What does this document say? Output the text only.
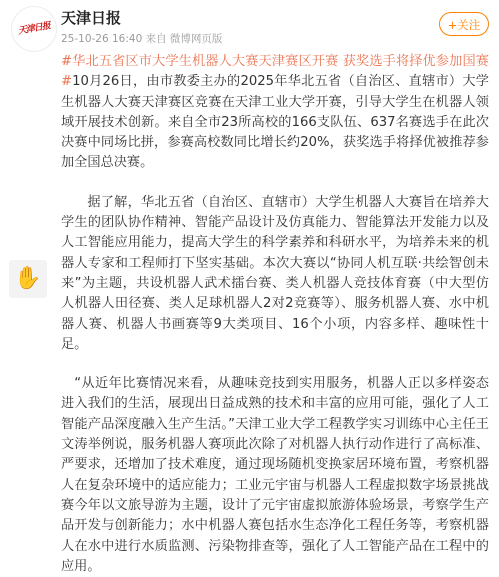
天津日报
天津日报
25-10-26 16:40 来自 微博网页版
+关注
✋

#华北五省区市大学生机器人大赛天津赛区开赛 获奖选手将择优参加国赛#10月26日，由市教委主办的2025年华北五省（自治区、直辖市）大学生机器人大赛天津赛区竞赛在天津工业大学开赛，引导大学生在机器人领域开展技术创新。来自全市23所高校的166支队伍、637名赛选手在此次决赛中同场比拼，参赛高校数同比增长约20%，获奖选手将择优被推荐参加全国总决赛。

据了解，华北五省（自治区、直辖市）大学生机器人大赛旨在培养大学生的团队协作精神、智能产品设计及仿真能力、智能算法开发能力以及人工智能应用能力，提高大学生的科学素养和科研水平，为培养未来的机器人专家和工程师打下坚实基础。本次大赛以“协同人机互联·共绘智创未来”为主题，共设机器人武术擂台赛、类人机器人竞技体育赛（中大型仿人机器人田径赛、类人足球机器人2对2竞赛等）、服务机器人赛、水中机器人赛、机器人书画赛等9大类项目、16个小项，内容多样、趣味性十足。

“从近年比赛情况来看，从趣味竞技到实用服务，机器人正以多样姿态进入我们的生活，展现出日益成熟的技术和丰富的应用可能，强化了人工智能产品深度融入生产生活。”天津工业大学工程教学实习训练中心主任王文涛举例说，服务机器人赛项此次除了对机器人执行动作进行了高标准、严要求，还增加了技术难度，通过现场随机变换家居环境布置，考察机器人在复杂环境中的适应能力；工业元宇宙与机器人工程虚拟数字场景挑战赛今年以文旅导游为主题，设计了元宇宙虚拟旅游体验场景，考察学生产品开发与创新能力；水中机器人赛包括水生态净化工程任务等，考察机器人在水中进行水质监测、污染物排查等，强化了人工智能产品在工程中的应用。
